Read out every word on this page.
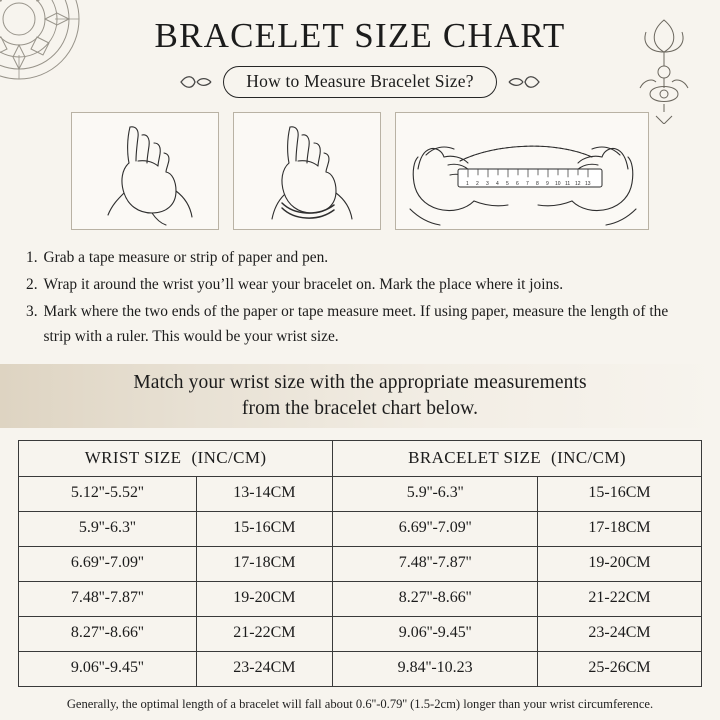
BRACELET SIZE CHART
How to Measure Bracelet Size?
1 2 3 4 5 6 7 8 9 10 11 12 13
1. Grab a tape measure or strip of paper and pen.
2. Wrap it around the wrist you’ll wear your bracelet on. Mark the place where it joins.
3. Mark where the two ends of the paper or tape measure meet. If using paper, measure the length of the strip with a ruler. This would be your wrist size.
Match your wrist size with the appropriate measurements
from the bracelet chart below.
WRIST SIZE (INC/CM)		BRACELET SIZE (INC/CM)	
5.12''-5.52''	13-14CM	5.9''-6.3''	15-16CM
5.9''-6.3''	15-16CM	6.69''-7.09''	17-18CM
6.69''-7.09''	17-18CM	7.48''-7.87''	19-20CM
7.48''-7.87''	19-20CM	8.27''-8.66''	21-22CM
8.27''-8.66''	21-22CM	9.06''-9.45''	23-24CM
9.06''-9.45''	23-24CM	9.84''-10.23	25-26CM
Generally, the optimal length of a bracelet will fall about 0.6''-0.79'' (1.5-2cm) longer than your wrist circumference.
